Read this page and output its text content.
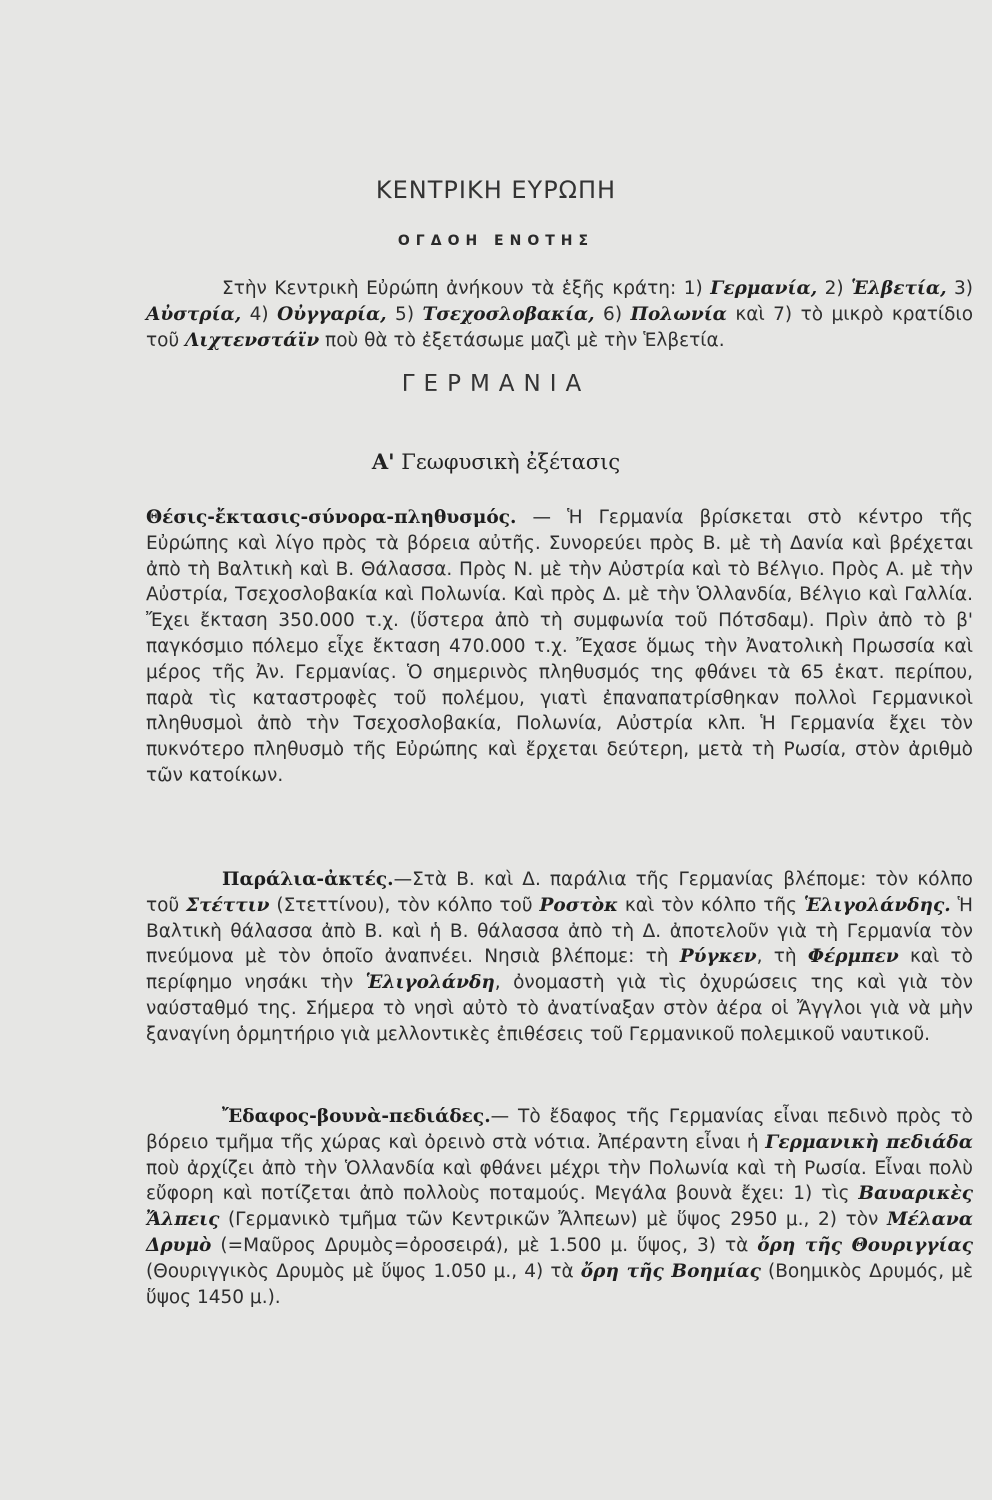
ΚΕΝΤΡΙΚΗ ΕΥΡΩΠΗ
ΟΓΔΟΗ ΕΝΟΤΗΣ

Στὴν Κεντρικὴ Εὐρώπη ἀνήκουν τὰ ἑξῆς κράτη: 1) Γερμανία, 2) Ἑλβετία, 3) Αὐστρία, 4) Οὐγγαρία, 5) Τσεχοσλοβακία, 6) Πολωνία καὶ 7) τὸ μικρὸ κρατίδιο τοῦ Λιχτενστάϊν ποὺ θὰ τὸ ἐξετάσωμε μαζὶ μὲ τὴν Ἑλβετία.

ΓΕΡΜΑΝΙΑ
Α' Γεωφυσικὴ ἐξέτασις

Θέσις-ἔκτασις-σύνορα-πληθυσμός. — Ἡ Γερμανία βρίσκεται στὸ κέντρο τῆς Εὐρώπης καὶ λίγο πρὸς τὰ βόρεια αὐτῆς. Συνορεύει πρὸς Β. μὲ τὴ Δανία καὶ βρέχεται ἀπὸ τὴ Βαλτικὴ καὶ Β. Θάλασσα. Πρὸς Ν. μὲ τὴν Αὐστρία καὶ τὸ Βέλγιο. Πρὸς Α. μὲ τὴν Αὐστρία, Τσεχοσλοβακία καὶ Πολωνία. Καὶ πρὸς Δ. μὲ τὴν Ὁλλανδία, Βέλγιο καὶ Γαλλία. Ἔχει ἔκταση 350.000 τ.χ. (ὕστερα ἀπὸ τὴ συμφωνία τοῦ Πότσδαμ). Πρὶν ἀπὸ τὸ β' παγκόσμιο πόλεμο εἶχε ἔκταση 470.000 τ.χ. Ἔχασε ὅμως τὴν Ἀνατολικὴ Πρωσσία καὶ μέρος τῆς Ἀν. Γερμανίας. Ὁ σημερινὸς πληθυσμός της φθάνει τὰ 65 ἑκατ. περίπου, παρὰ τὶς καταστροφὲς τοῦ πολέμου, γιατὶ ἐπαναπατρίσθηκαν πολλοὶ Γερμανικοὶ πληθυσμοὶ ἀπὸ τὴν Τσεχοσλοβακία, Πολωνία, Αὐστρία κλπ. Ἡ Γερμανία ἔχει τὸν πυκνότερο πληθυσμὸ τῆς Εὐρώπης καὶ ἔρχεται δεύτερη, μετὰ τὴ Ρωσία, στὸν ἀριθμὸ τῶν κατοίκων.

Παράλια-ἀκτές.—Στὰ Β. καὶ Δ. παράλια τῆς Γερμανίας βλέπομε: τὸν κόλπο τοῦ Στέττιν (Στεττίνου), τὸν κόλπο τοῦ Ροστὸκ καὶ τὸν κόλπο τῆς Ἑλιγολάνδης. Ἡ Βαλτικὴ θάλασσα ἀπὸ Β. καὶ ἡ Β. θάλασσα ἀπὸ τὴ Δ. ἀποτελοῦν γιὰ τὴ Γερμανία τὸν πνεύμονα μὲ τὸν ὁποῖο ἀναπνέει. Νησιὰ βλέπομε: τὴ Ρύγκεν, τὴ Φέρμπεν καὶ τὸ περίφημο νησάκι τὴν Ἑλιγολάνδη, ὀνομαστὴ γιὰ τὶς ὀχυρώσεις της καὶ γιὰ τὸν ναύσταθμό της. Σήμερα τὸ νησὶ αὐτὸ τὸ ἀνατίναξαν στὸν ἀέρα οἱ Ἄγγλοι γιὰ νὰ μὴν ξαναγίνη ὁρμητήριο γιὰ μελλοντικὲς ἐπιθέσεις τοῦ Γερμανικοῦ πολεμικοῦ ναυτικοῦ.

Ἔδαφος-βουνὰ-πεδιάδες.— Τὸ ἔδαφος τῆς Γερμανίας εἶναι πεδινὸ πρὸς τὸ βόρειο τμῆμα τῆς χώρας καὶ ὀρεινὸ στὰ νότια. Ἀπέραντη εἶναι ἡ Γερμανικὴ πεδιάδα ποὺ ἀρχίζει ἀπὸ τὴν Ὁλλανδία καὶ φθάνει μέχρι τὴν Πολωνία καὶ τὴ Ρωσία. Εἶναι πολὺ εὔφορη καὶ ποτίζεται ἀπὸ πολλοὺς ποταμούς. Μεγάλα βουνὰ ἔχει: 1) τὶς Βαυαρικὲς Ἄλπεις (Γερμανικὸ τμῆμα τῶν Κεντρικῶν Ἄλπεων) μὲ ὕψος 2950 μ., 2) τὸν Μέλανα Δρυμὸ (=Μαῦρος Δρυμὸς=ὀροσειρά), μὲ 1.500 μ. ὕψος, 3) τὰ ὄρη τῆς Θουριγγίας (Θουριγγικὸς Δρυμὸς μὲ ὕψος 1.050 μ., 4) τὰ ὄρη τῆς Βοημίας (Βοημικὸς Δρυμός, μὲ ὕψος 1450 μ.).
